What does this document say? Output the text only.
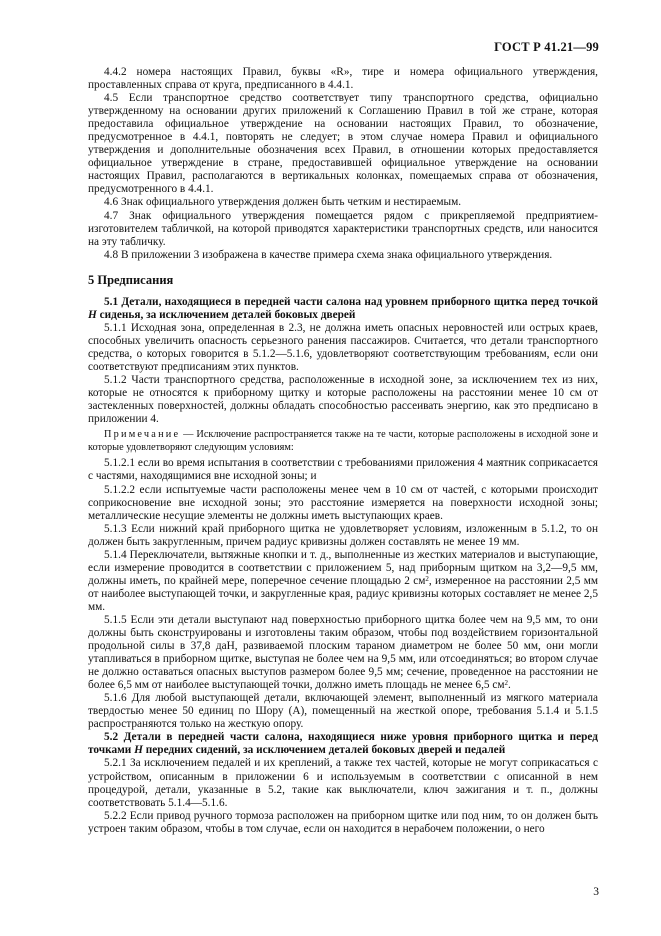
ГОСТ Р 41.21—99

4.4.2 номера настоящих Правил, буквы «R», тире и номера официального утверждения, проставленных справа от круга, предписанного в 4.4.1.

4.5 Если транспортное средство соответствует типу транспортного средства, официально утвержденному на основании других приложений к Соглашению Правил в той же стране, которая предоставила официальное утверждение на основании настоящих Правил, то обозначение, предусмотренное в 4.4.1, повторять не следует; в этом случае номера Правил и официального утверждения и дополнительные обозначения всех Правил, в отношении которых предоставляется официальное утверждение в стране, предоставившей официальное утверждение на основании настоящих Правил, располагаются в вертикальных колонках, помещаемых справа от обозначения, предусмотренного в 4.4.1.

4.6 Знак официального утверждения должен быть четким и нестираемым.

4.7 Знак официального утверждения помещается рядом с прикрепляемой предприятием-изготовителем табличкой, на которой приводятся характеристики транспортных средств, или наносится на эту табличку.

4.8 В приложении 3 изображена в качестве примера схема знака официального утверждения.

5 Предписания

5.1 Детали, находящиеся в передней части салона над уровнем приборного щитка перед точкой H сиденья, за исключением деталей боковых дверей

5.1.1 Исходная зона, определенная в 2.3, не должна иметь опасных неровностей или острых краев, способных увеличить опасность серьезного ранения пассажиров. Считается, что детали транспортного средства, о которых говорится в 5.1.2—5.1.6, удовлетворяют соответствующим требованиям, если они соответствуют предписаниям этих пунктов.

5.1.2 Части транспортного средства, расположенные в исходной зоне, за исключением тех из них, которые не относятся к приборному щитку и которые расположены на расстоянии менее 10 см от застекленных поверхностей, должны обладать способностью рассеивать энергию, как это предписано в приложении 4.

Примечание — Исключение распространяется также на те части, которые расположены в исходной зоне и которые удовлетворяют следующим условиям:

5.1.2.1 если во время испытания в соответствии с требованиями приложения 4 маятник соприкасается с частями, находящимися вне исходной зоны; и

5.1.2.2 если испытуемые части расположены менее чем в 10 см от частей, с которыми происходит соприкосновение вне исходной зоны; это расстояние измеряется на поверхности исходной зоны; металлические несущие элементы не должны иметь выступающих краев.

5.1.3 Если нижний край приборного щитка не удовлетворяет условиям, изложенным в 5.1.2, то он должен быть закругленным, причем радиус кривизны должен составлять не менее 19 мм.

5.1.4 Переключатели, вытяжные кнопки и т. д., выполненные из жестких материалов и выступающие, если измерение проводится в соответствии с приложением 5, над приборным щитком на 3,2—9,5 мм, должны иметь, по крайней мере, поперечное сечение площадью 2 $см^2$, измеренное на расстоянии 2,5 мм от наиболее выступающей точки, и закругленные края, радиус кривизны которых составляет не менее 2,5 мм.

5.1.5 Если эти детали выступают над поверхностью приборного щитка более чем на 9,5 мм, то они должны быть сконструированы и изготовлены таким образом, чтобы под воздействием горизонтальной продольной силы в 37,8 даН, развиваемой плоским тараном диаметром не более 50 мм, они могли утапливаться в приборном щитке, выступая не более чем на 9,5 мм, или отсоединяться; во втором случае не должно оставаться опасных выступов размером более 9,5 мм; сечение, проведенное на расстоянии не более 6,5 мм от наиболее выступающей точки, должно иметь площадь не менее 6,5 $см^2$.

5.1.6 Для любой выступающей детали, включающей элемент, выполненный из мягкого материала твердостью менее 50 единиц по Шору (А), помещенный на жесткой опоре, требования 5.1.4 и 5.1.5 распространяются только на жесткую опору.

5.2 Детали в передней части салона, находящиеся ниже уровня приборного щитка и перед точками H передних сидений, за исключением деталей боковых дверей и педалей

5.2.1 За исключением педалей и их креплений, а также тех частей, которые не могут соприкасаться с устройством, описанным в приложении 6 и используемым в соответствии с описанной в нем процедурой, детали, указанные в 5.2, такие как выключатели, ключ зажигания и т. п., должны соответствовать 5.1.4—5.1.6.

5.2.2 Если привод ручного тормоза расположен на приборном щитке или под ним, то он должен быть устроен таким образом, чтобы в том случае, если он находится в нерабочем положении, о него

3
